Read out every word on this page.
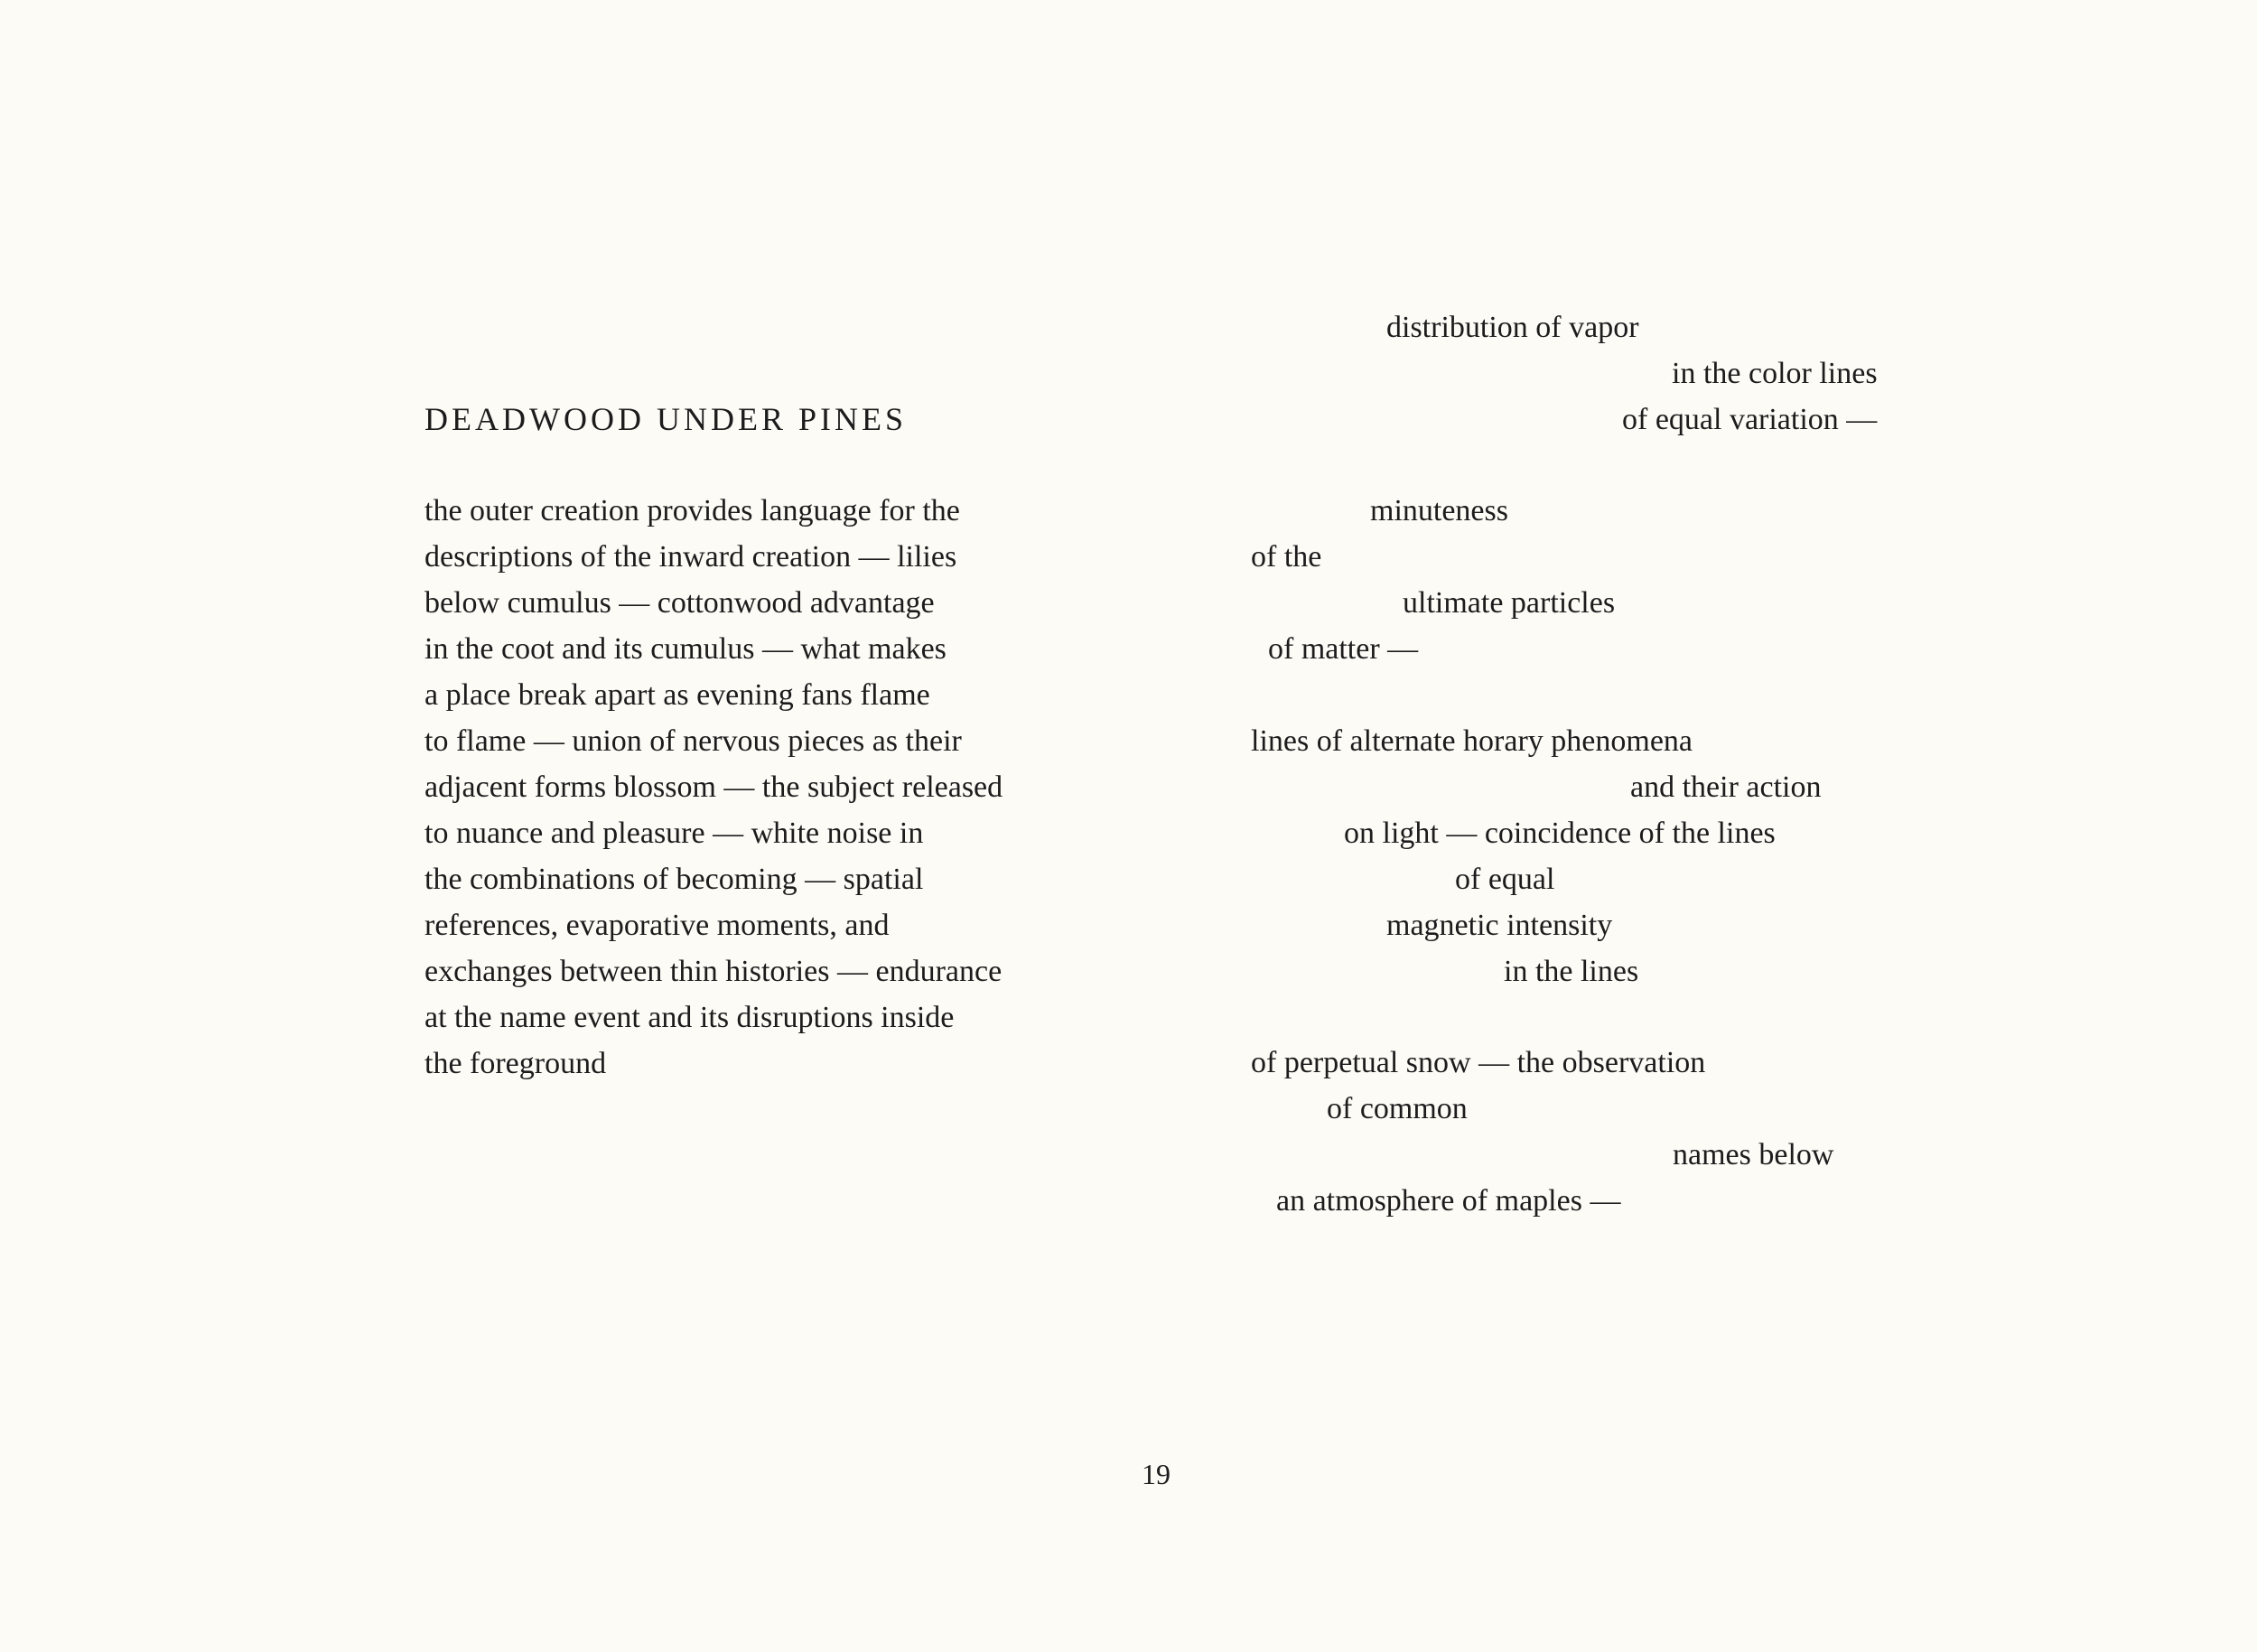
DEADWOOD UNDER PINES
the outer creation provides language for the
descriptions of the inward creation — lilies
below cumulus — cottonwood advantage
in the coot and its cumulus — what makes
a place break apart as evening fans flame
to flame — union of nervous pieces as their
adjacent forms blossom — the subject released
to nuance and pleasure — white noise in
the combinations of becoming — spatial
references, evaporative moments, and
exchanges between thin histories — endurance
at the name event and its disruptions inside
the foreground
distribution of vapor
in the color lines
of equal variation —
minuteness
of the
ultimate particles
of matter —
lines of alternate horary phenomena
and their action
on light — coincidence of the lines
of equal
magnetic intensity
in the lines
of perpetual snow — the observation
of common
names below
an atmosphere of maples —
19
